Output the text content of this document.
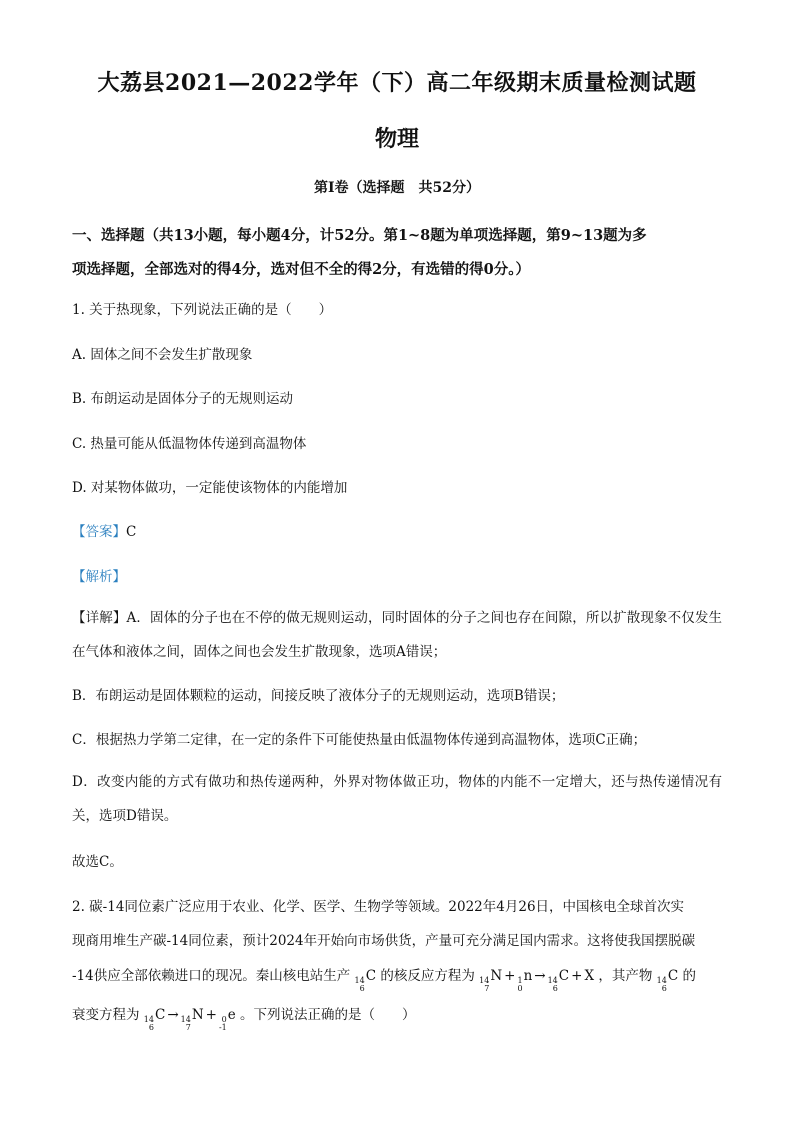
大荔县2021—2022学年（下）高二年级期末质量检测试题
物理
第Ⅰ卷（选择题　共52分）
一、选择题（共13小题，每小题4分，计52分。第1~8题为单项选择题，第9~13题为多
项选择题，全部选对的得4分，选对但不全的得2分，有选错的得0分。）
1. 关于热现象，下列说法正确的是（　　）
A. 固体之间不会发生扩散现象
B. 布朗运动是固体分子的无规则运动
C. 热量可能从低温物体传递到高温物体
D. 对某物体做功，一定能使该物体的内能增加
【答案】C
【解析】
【详解】A．固体的分子也在不停的做无规则运动，同时固体的分子之间也存在间隙，所以扩散现象不仅发生在气体和液体之间，固体之间也会发生扩散现象，选项A错误；
B．布朗运动是固体颗粒的运动，间接反映了液体分子的无规则运动，选项B错误；
C．根据热力学第二定律，在一定的条件下可能使热量由低温物体传递到高温物体，选项C正确；
D．改变内能的方式有做功和热传递两种，外界对物体做正功，物体的内能不一定增大，还与热传递情况有关，选项D错误。
故选C。
2. 碳-14同位素广泛应用于农业、化学、医学、生物学等领域。2022年4月26日，中国核电全球首次实
现商用堆生产碳-14同位素，预计2024年开始向市场供货，产量可充分满足国内需求。这将使我国摆脱碳
-14供应全部依赖进口的现况。秦山核电站生产 14
6
C 的核反应方程为 14
7
N + 1
0
n → 14
6
C + X ，其产物 14
6
C 的
衰变方程为 14
6
C → 14
7
N + 0
-1
e 。下列说法正确的是（　　）
